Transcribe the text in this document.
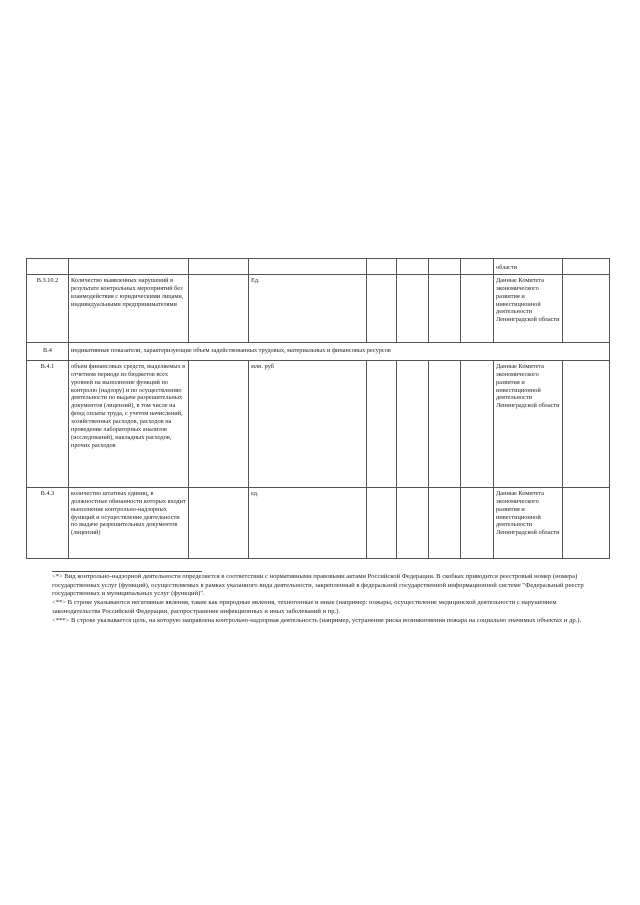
								области	
В.3.10.2	Количество выявленных нарушений в результате контрольных мероприятий без взаимодействия с юридическими лицами, индивидуальными предпринимателями		Ед.					Данные Комитета экономического развития и инвестиционной деятельности Ленинградской области	
В.4	индикативные показатели, характеризующие объем задействованных трудовых, материальных и финансовых ресурсов								
В.4.1	объем финансовых средств, выделяемых в отчетном периоде из бюджетов всех уровней на выполнение функций по контролю (надзору) и по осуществлению деятельности по выдаче разрешительных документов (лицензий), в том числе на фонд оплаты труда, с учетом начислений, хозяйственных расходов, расходов на проведение лабораторных анализов (исследований), накладных расходов, прочих расходов		млн. руб					Данные Комитета экономического развития и инвестиционной деятельности Ленинградской области	
В.4.3	количество штатных единиц, в должностные обязанности которых входит выполнение контрольно-надзорных функций и осуществление деятельности по выдаче разрешительных документов (лицензий)		ед.					Данные Комитета экономического развития и инвестиционной деятельности Ленинградской области	

<*> Вид контрольно-надзорной деятельности определяется в соответствии с нормативными правовыми актами Российской Федерации. В скобках приводится реестровый номер (номера) государственных услуг (функций), осуществляемых в рамках указанного вида деятельности, закрепленный в федеральной государственной информационной системе "Федеральный реестр государственных и муниципальных услуг (функций)".

<**> В строке указываются негативные явления, такие как природные явления, техногенные и иные (например: пожары, осуществление медицинской деятельности с нарушением законодательства Российской Федерации, распространение инфекционных и иных заболеваний и пр.).

<***> В строке указывается цель, на которую направлена контрольно-надзорная деятельность (например, устранение риска возникновения пожара на социально значимых объектах и др.).
